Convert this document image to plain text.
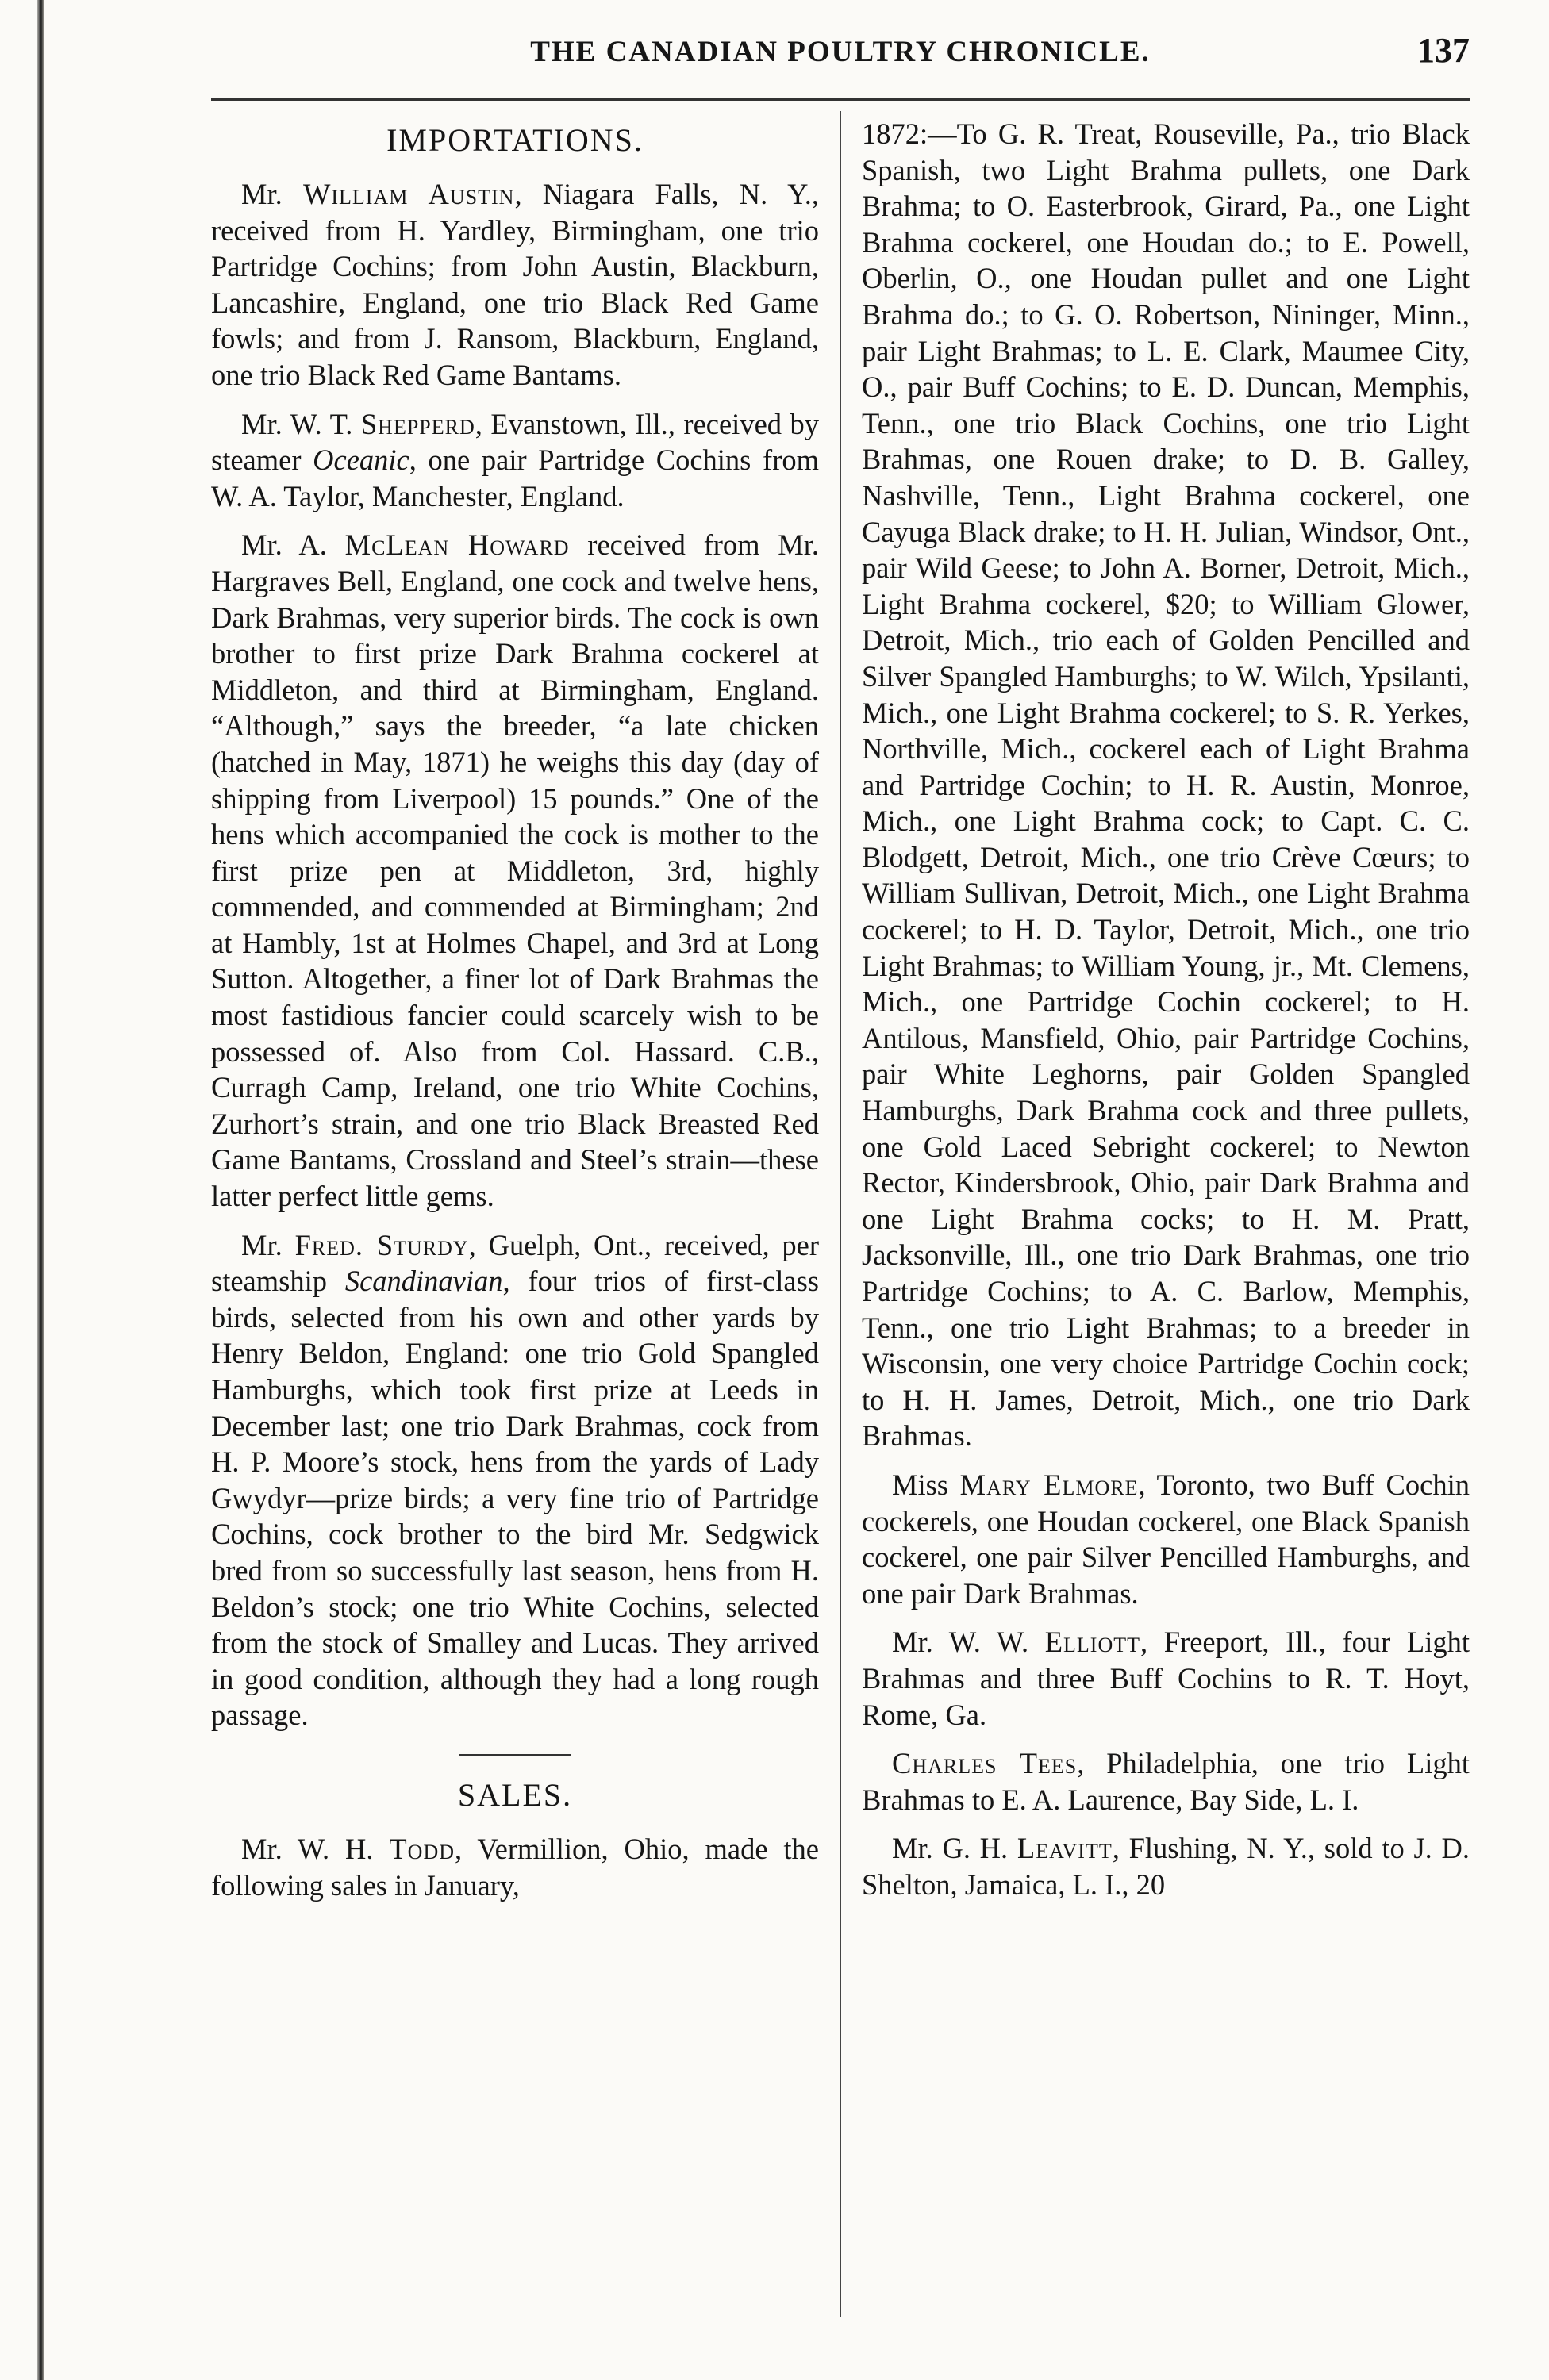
THE CANADIAN POULTRY CHRONICLE.	137
IMPORTATIONS.

Mr. William Austin, Niagara Falls, N. Y., received from H. Yardley, Birmingham, one trio Partridge Cochins; from John Austin, Blackburn, Lancashire, England, one trio Black Red Game fowls; and from J. Ransom, Blackburn, England, one trio Black Red Game Bantams.

Mr. W. T. Shepperd, Evanstown, Ill., received by steamer Oceanic, one pair Partridge Cochins from W. A. Taylor, Manchester, England.

Mr. A. McLean Howard received from Mr. Hargraves Bell, England, one cock and twelve hens, Dark Brahmas, very superior birds. The cock is own brother to first prize Dark Brahma cockerel at Middleton, and third at Birmingham, England. “Although,” says the breeder, “a late chicken (hatched in May, 1871) he weighs this day (day of shipping from Liverpool) 15 pounds.” One of the hens which accompanied the cock is mother to the first prize pen at Middleton, 3rd, highly commended, and commended at Birmingham; 2nd at Hambly, 1st at Holmes Chapel, and 3rd at Long Sutton. Altogether, a finer lot of Dark Brahmas the most fastidious fancier could scarcely wish to be possessed of. Also from Col. Hassard. C.B., Curragh Camp, Ireland, one trio White Cochins, Zurhort’s strain, and one trio Black Breasted Red Game Bantams, Crossland and Steel’s strain—these latter perfect little gems.

Mr. Fred. Sturdy, Guelph, Ont., received, per steamship Scandinavian, four trios of first-class birds, selected from his own and other yards by Henry Beldon, England: one trio Gold Spangled Hamburghs, which took first prize at Leeds in December last; one trio Dark Brahmas, cock from H. P. Moore’s stock, hens from the yards of Lady Gwydyr—prize birds; a very fine trio of Partridge Cochins, cock brother to the bird Mr. Sedgwick bred from so successfully last season, hens from H. Beldon’s stock; one trio White Cochins, selected from the stock of Smalley and Lucas. They arrived in good condition, although they had a long rough passage.

SALES.

Mr. W. H. Todd, Vermillion, Ohio, made the following sales in January,

1872:—To G. R. Treat, Rouseville, Pa., trio Black Spanish, two Light Brahma pullets, one Dark Brahma; to O. Easterbrook, Girard, Pa., one Light Brahma cockerel, one Houdan do.; to E. Powell, Oberlin, O., one Houdan pullet and one Light Brahma do.; to G. O. Robertson, Nininger, Minn., pair Light Brahmas; to L. E. Clark, Maumee City, O., pair Buff Cochins; to E. D. Duncan, Memphis, Tenn., one trio Black Cochins, one trio Light Brahmas, one Rouen drake; to D. B. Galley, Nashville, Tenn., Light Brahma cockerel, one Cayuga Black drake; to H. H. Julian, Windsor, Ont., pair Wild Geese; to John A. Borner, Detroit, Mich., Light Brahma cockerel, $20; to William Glower, Detroit, Mich., trio each of Golden Pencilled and Silver Spangled Hamburghs; to W. Wilch, Ypsilanti, Mich., one Light Brahma cockerel; to S. R. Yerkes, Northville, Mich., cockerel each of Light Brahma and Partridge Cochin; to H. R. Austin, Monroe, Mich., one Light Brahma cock; to Capt. C. C. Blodgett, Detroit, Mich., one trio Crève Cœurs; to William Sullivan, Detroit, Mich., one Light Brahma cockerel; to H. D. Taylor, Detroit, Mich., one trio Light Brahmas; to William Young, jr., Mt. Clemens, Mich., one Partridge Cochin cockerel; to H. Antilous, Mansfield, Ohio, pair Partridge Cochins, pair White Leghorns, pair Golden Spangled Hamburghs, Dark Brahma cock and three pullets, one Gold Laced Sebright cockerel; to Newton Rector, Kindersbrook, Ohio, pair Dark Brahma and one Light Brahma cocks; to H. M. Pratt, Jacksonville, Ill., one trio Dark Brahmas, one trio Partridge Cochins; to A. C. Barlow, Memphis, Tenn., one trio Light Brahmas; to a breeder in Wisconsin, one very choice Partridge Cochin cock; to H. H. James, Detroit, Mich., one trio Dark Brahmas.

Miss Mary Elmore, Toronto, two Buff Cochin cockerels, one Houdan cockerel, one Black Spanish cockerel, one pair Silver Pencilled Hamburghs, and one pair Dark Brahmas.

Mr. W. W. Elliott, Freeport, Ill., four Light Brahmas and three Buff Cochins to R. T. Hoyt, Rome, Ga.

Charles Tees, Philadelphia, one trio Light Brahmas to E. A. Laurence, Bay Side, L. I.

Mr. G. H. Leavitt, Flushing, N. Y., sold to J. D. Shelton, Jamaica, L. I., 20
